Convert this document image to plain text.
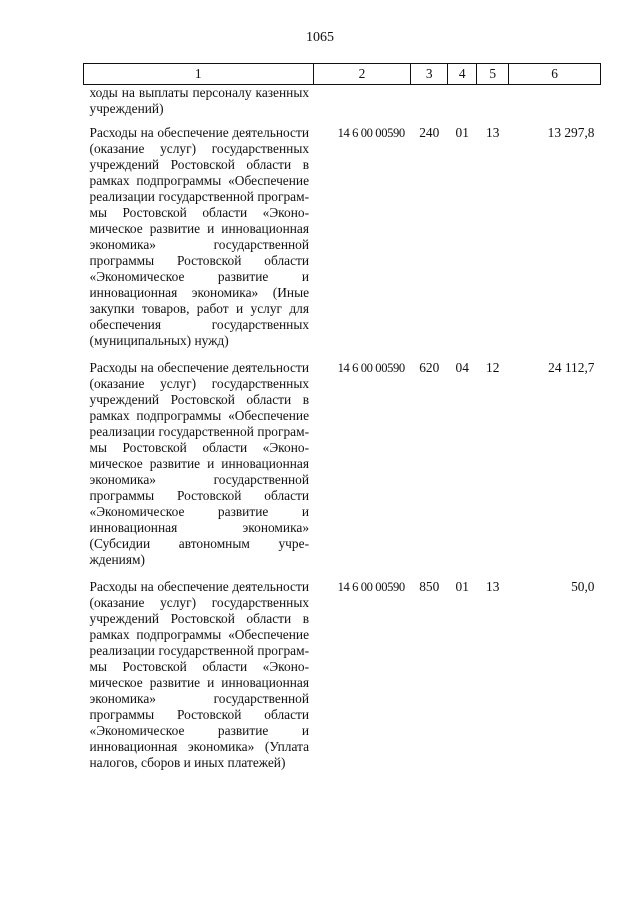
1065
1	2	3	4	5	6
ходы на выплаты персоналу казенных учреждений)					
Расходы на обеспечение деятельности (оказание услуг) государственных учреждений Ростовской области в рамках подпрограммы «Обеспечение реализации государственной программы Ростовской области «Экономическое развитие и инновационная экономика» государственной программы Ростовской области «Экономическое развитие и инновационная экономика» (Иные закупки товаров, работ и услуг для обеспечения государственных (муниципальных) нужд)	14 6 00 00590	240	01	13	13 297,8
Расходы на обеспечение деятельности (оказание услуг) государственных учреждений Ростовской области в рамках подпрограммы «Обеспечение реализации государственной программы Ростовской области «Экономическое развитие и инновационная экономика» государственной программы Ростовской области «Экономическое развитие и инновационная экономика» (Субсидии автономным учреждениям)	14 6 00 00590	620	04	12	24 112,7
Расходы на обеспечение деятельности (оказание услуг) государственных учреждений Ростовской области в рамках подпрограммы «Обеспечение реализации государственной программы Ростовской области «Экономическое развитие и инновационная экономика» государственной программы Ростовской области «Экономическое развитие и инновационная экономика» (Уплата налогов, сборов и иных платежей)	14 6 00 00590	850	01	13	50,0
